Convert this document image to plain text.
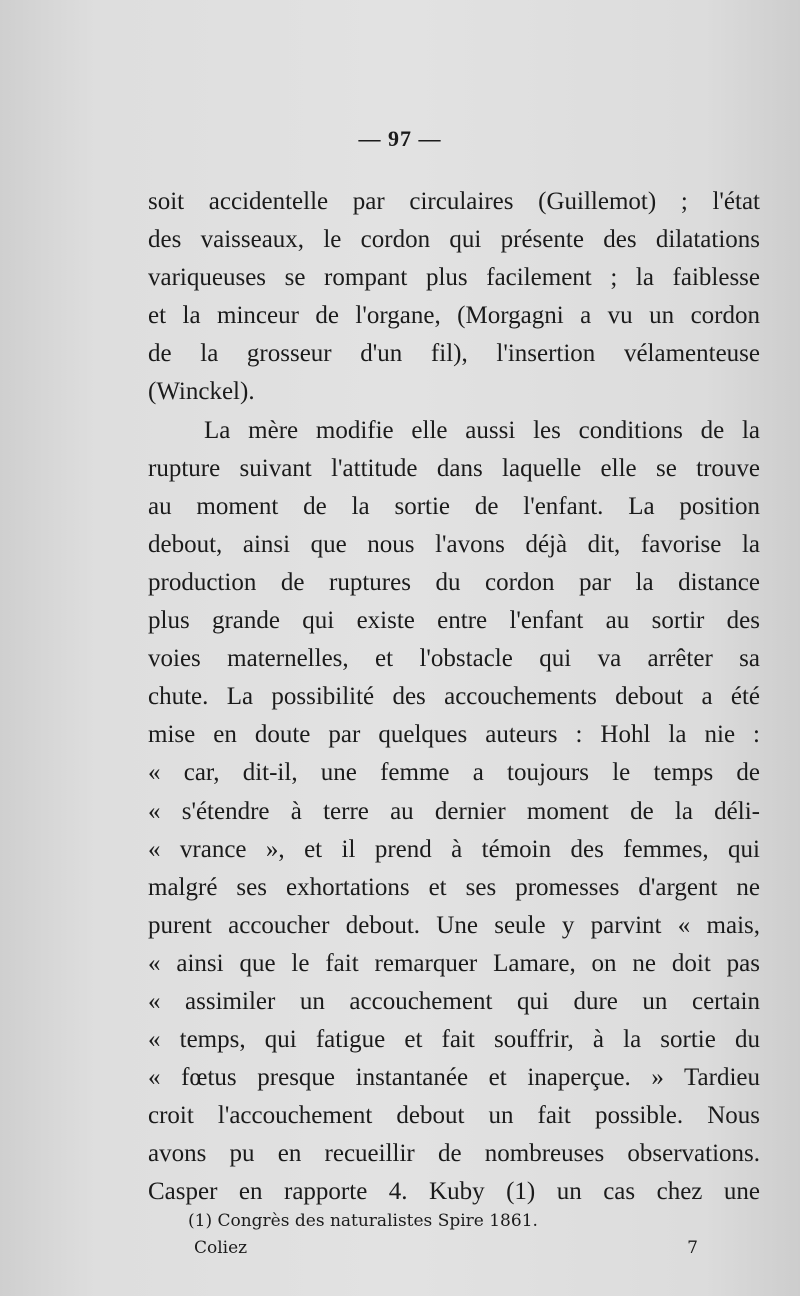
— 97 —
soit accidentelle par circulaires (Guillemot) ; l'état
des vaisseaux, le cordon qui présente des dilatations
variqueuses se rompant plus facilement ; la faiblesse
et la minceur de l'organe, (Morgagni a vu un cordon
de la grosseur d'un fil), l'insertion vélamenteuse
(Winckel).
La mère modifie elle aussi les conditions de la
rupture suivant l'attitude dans laquelle elle se trouve
au moment de la sortie de l'enfant. La position
debout, ainsi que nous l'avons déjà dit, favorise la
production de ruptures du cordon par la distance
plus grande qui existe entre l'enfant au sortir des
voies maternelles, et l'obstacle qui va arrêter sa
chute. La possibilité des accouchements debout a été
mise en doute par quelques auteurs : Hohl la nie :
« car, dit-il, une femme a toujours le temps de
« s'étendre à terre au dernier moment de la déli-
« vrance », et il prend à témoin des femmes, qui
malgré ses exhortations et ses promesses d'argent ne
purent accoucher debout. Une seule y parvint « mais,
« ainsi que le fait remarquer Lamare, on ne doit pas
« assimiler un accouchement qui dure un certain
« temps, qui fatigue et fait souffrir, à la sortie du
« fœtus presque instantanée et inaperçue. » Tardieu
croit l'accouchement debout un fait possible. Nous
avons pu en recueillir de nombreuses observations.
Casper en rapporte 4. Kuby (1) un cas chez une
(1) Congrès des naturalistes Spire 1861.
Coliez	7
